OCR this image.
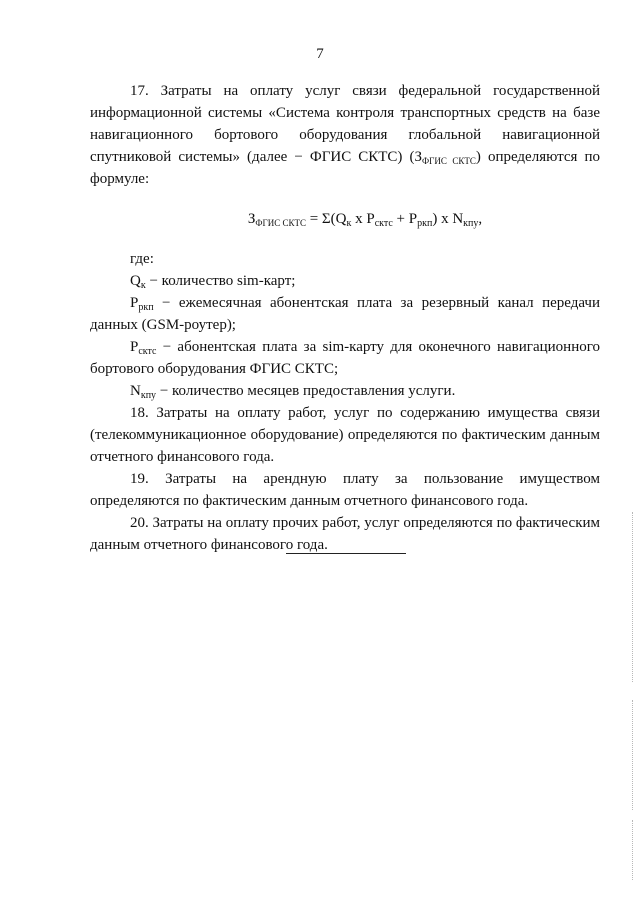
7

17. Затраты на оплату услуг связи федеральной государственной информационной системы «Система контроля транспортных средств на базе навигационного бортового оборудования глобальной навигационной спутниковой системы» (далее − ФГИС СКТС) $(З_{ФГИС СКТС})$ определяются по формуле:

$З_{ФГИС СКТС} = \Sigma(Q_к$ x $P_{сктс} + P_{ркп}$) x $N_{кпу}$,

где:

$Q_к$ − количество sim-карт;

$P_{ркп}$ − ежемесячная абонентская плата за резервный канал передачи данных (GSM-роутер);

$P_{сктс}$ − абонентская плата за sim-карту для оконечного навигационного бортового оборудования ФГИС СКТС;

$N_{кпу}$ − количество месяцев предоставления услуги.

18. Затраты на оплату работ, услуг по содержанию имущества связи (телекоммуникационное оборудование) определяются по фактическим данным отчетного финансового года.

19. Затраты на арендную плату за пользование имуществом определяются по фактическим данным отчетного финансового года.

20. Затраты на оплату прочих работ, услуг определяются по фактическим данным отчетного финансового года.
